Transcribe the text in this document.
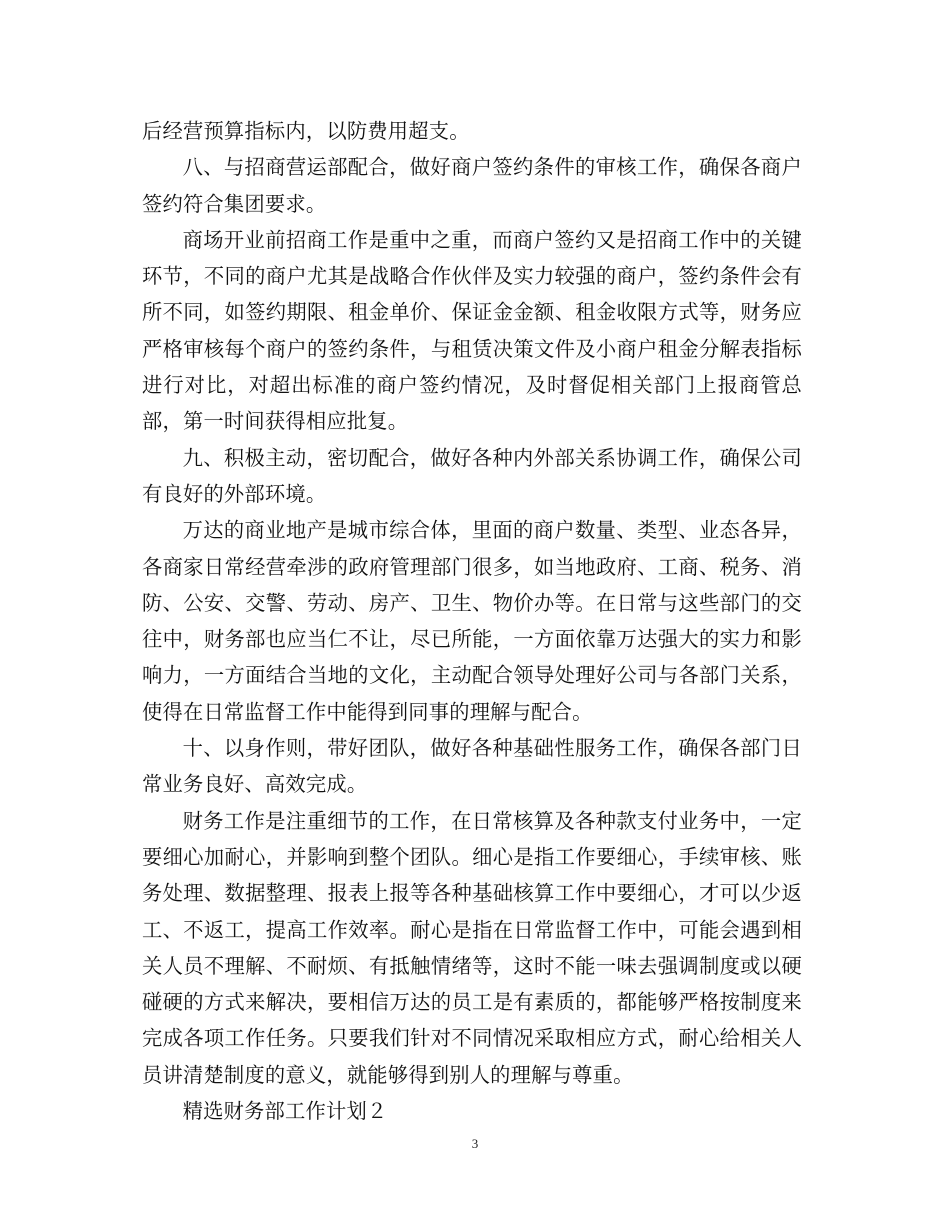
后经营预算指标内，以防费用超支。

八、与招商营运部配合，做好商户签约条件的审核工作，确保各商户签约符合集团要求。

商场开业前招商工作是重中之重，而商户签约又是招商工作中的关键环节，不同的商户尤其是战略合作伙伴及实力较强的商户，签约条件会有所不同，如签约期限、租金单价、保证金金额、租金收限方式等，财务应严格审核每个商户的签约条件，与租赁决策文件及小商户租金分解表指标进行对比，对超出标准的商户签约情况，及时督促相关部门上报商管总部，第一时间获得相应批复。

九、积极主动，密切配合，做好各种内外部关系协调工作，确保公司有良好的外部环境。

万达的商业地产是城市综合体，里面的商户数量、类型、业态各异，各商家日常经营牵涉的政府管理部门很多，如当地政府、工商、税务、消防、公安、交警、劳动、房产、卫生、物价办等。在日常与这些部门的交往中，财务部也应当仁不让，尽已所能，一方面依靠万达强大的实力和影响力，一方面结合当地的文化，主动配合领导处理好公司与各部门关系，使得在日常监督工作中能得到同事的理解与配合。

十、以身作则，带好团队，做好各种基础性服务工作，确保各部门日常业务良好、高效完成。

财务工作是注重细节的工作，在日常核算及各种款支付业务中，一定要细心加耐心，并影响到整个团队。细心是指工作要细心，手续审核、账务处理、数据整理、报表上报等各种基础核算工作中要细心，才可以少返工、不返工，提高工作效率。耐心是指在日常监督工作中，可能会遇到相关人员不理解、不耐烦、有抵触情绪等，这时不能一味去强调制度或以硬碰硬的方式来解决，要相信万达的员工是有素质的，都能够严格按制度来完成各项工作任务。只要我们针对不同情况采取相应方式，耐心给相关人员讲清楚制度的意义，就能够得到别人的理解与尊重。

精选财务部工作计划２

3
